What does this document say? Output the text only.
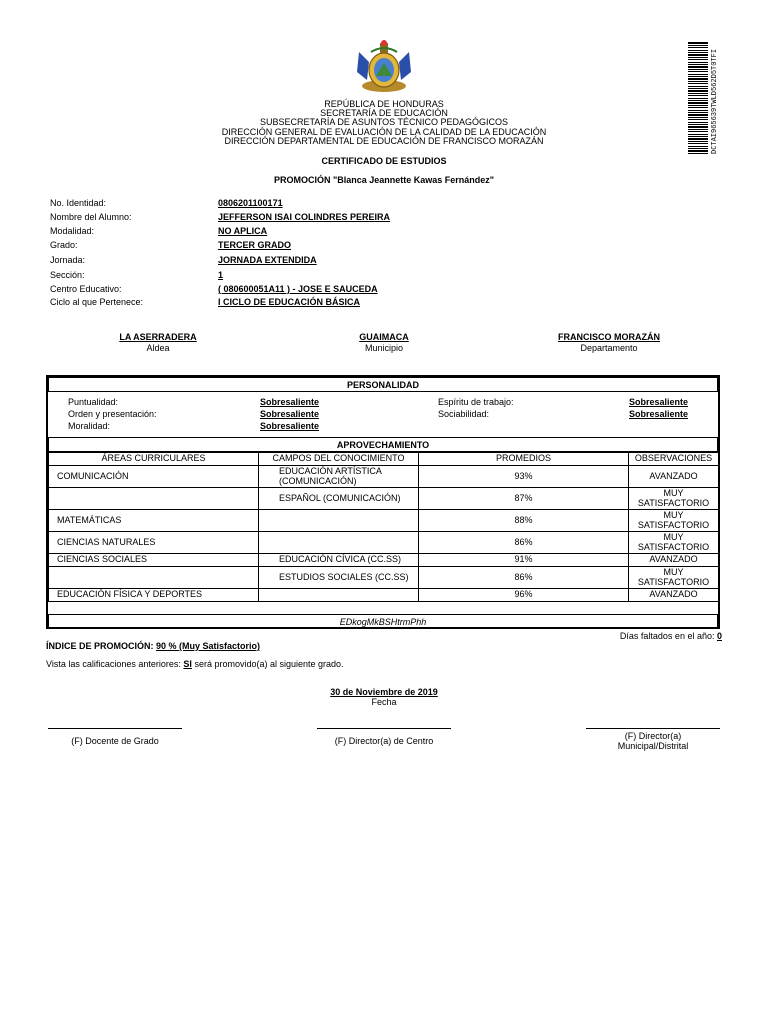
DCTAI965639TWLD562D5T0TFI
REPÚBLICA DE HONDURAS
SECRETARÍA DE EDUCACIÓN
SUBSECRETARÍA DE ASUNTOS TÉCNICO PEDAGÓGICOS
DIRECCIÓN GENERAL DE EVALUACIÓN DE LA CALIDAD DE LA EDUCACIÓN
DIRECCIÓN DEPARTAMENTAL DE EDUCACIÓN DE FRANCISCO MORAZÁN
CERTIFICADO DE ESTUDIOS
PROMOCIÓN "Blanca Jeannette Kawas Fernández"
No. Identidad:	0806201100171
Nombre del Alumno:	JEFFERSON ISAI COLINDRES PEREIRA
Modalidad:	NO APLICA
Grado:	TERCER GRADO
Jornada:	JORNADA EXTENDIDA
Sección:	1
Centro Educativo:	( 080600051A11 ) - JOSE E SAUCEDA
Ciclo al que Pertenece:	I CICLO DE EDUCACIÓN BÁSICA
LA ASERRADERA
Aldea
GUAIMACA
Municipio
FRANCISCO MORAZÁN
Departamento
PERSONALIDAD
Puntualidad:	Sobresaliente
Orden y presentación:	Sobresaliente
Moralidad:	Sobresaliente
Espíritu de trabajo:	Sobresaliente
Sociabilidad:	Sobresaliente
APROVECHAMIENTO
ÁREAS CURRICULARES	CAMPOS DEL CONOCIMIENTO	PROMEDIOS	OBSERVACIONES
COMUNICACIÓN	EDUCACIÓN ARTÍSTICA (COMUNICACIÓN)	93%	AVANZADO
	ESPAÑOL (COMUNICACIÓN)	87%	MUY SATISFACTORIO
MATEMÁTICAS		88%	MUY SATISFACTORIO
CIENCIAS NATURALES		86%	MUY SATISFACTORIO
CIENCIAS SOCIALES	EDUCACIÓN CÍVICA (CC.SS)	91%	AVANZADO
	ESTUDIOS SOCIALES (CC.SS)	86%	MUY SATISFACTORIO
EDUCACIÓN FÍSICA Y DEPORTES		96%	AVANZADO
EDkogMkBSHtrmPhh
Días faltados en el año: 0
ÍNDICE DE PROMOCIÓN: 90 % (Muy Satisfactorio)
Vista las calificaciones anteriores: SI será promovido(a) al siguiente grado.
30 de Noviembre de 2019
Fecha
(F) Docente de Grado	(F) Director(a) de Centro	(F) Director(a)
Municipal/Distrital
